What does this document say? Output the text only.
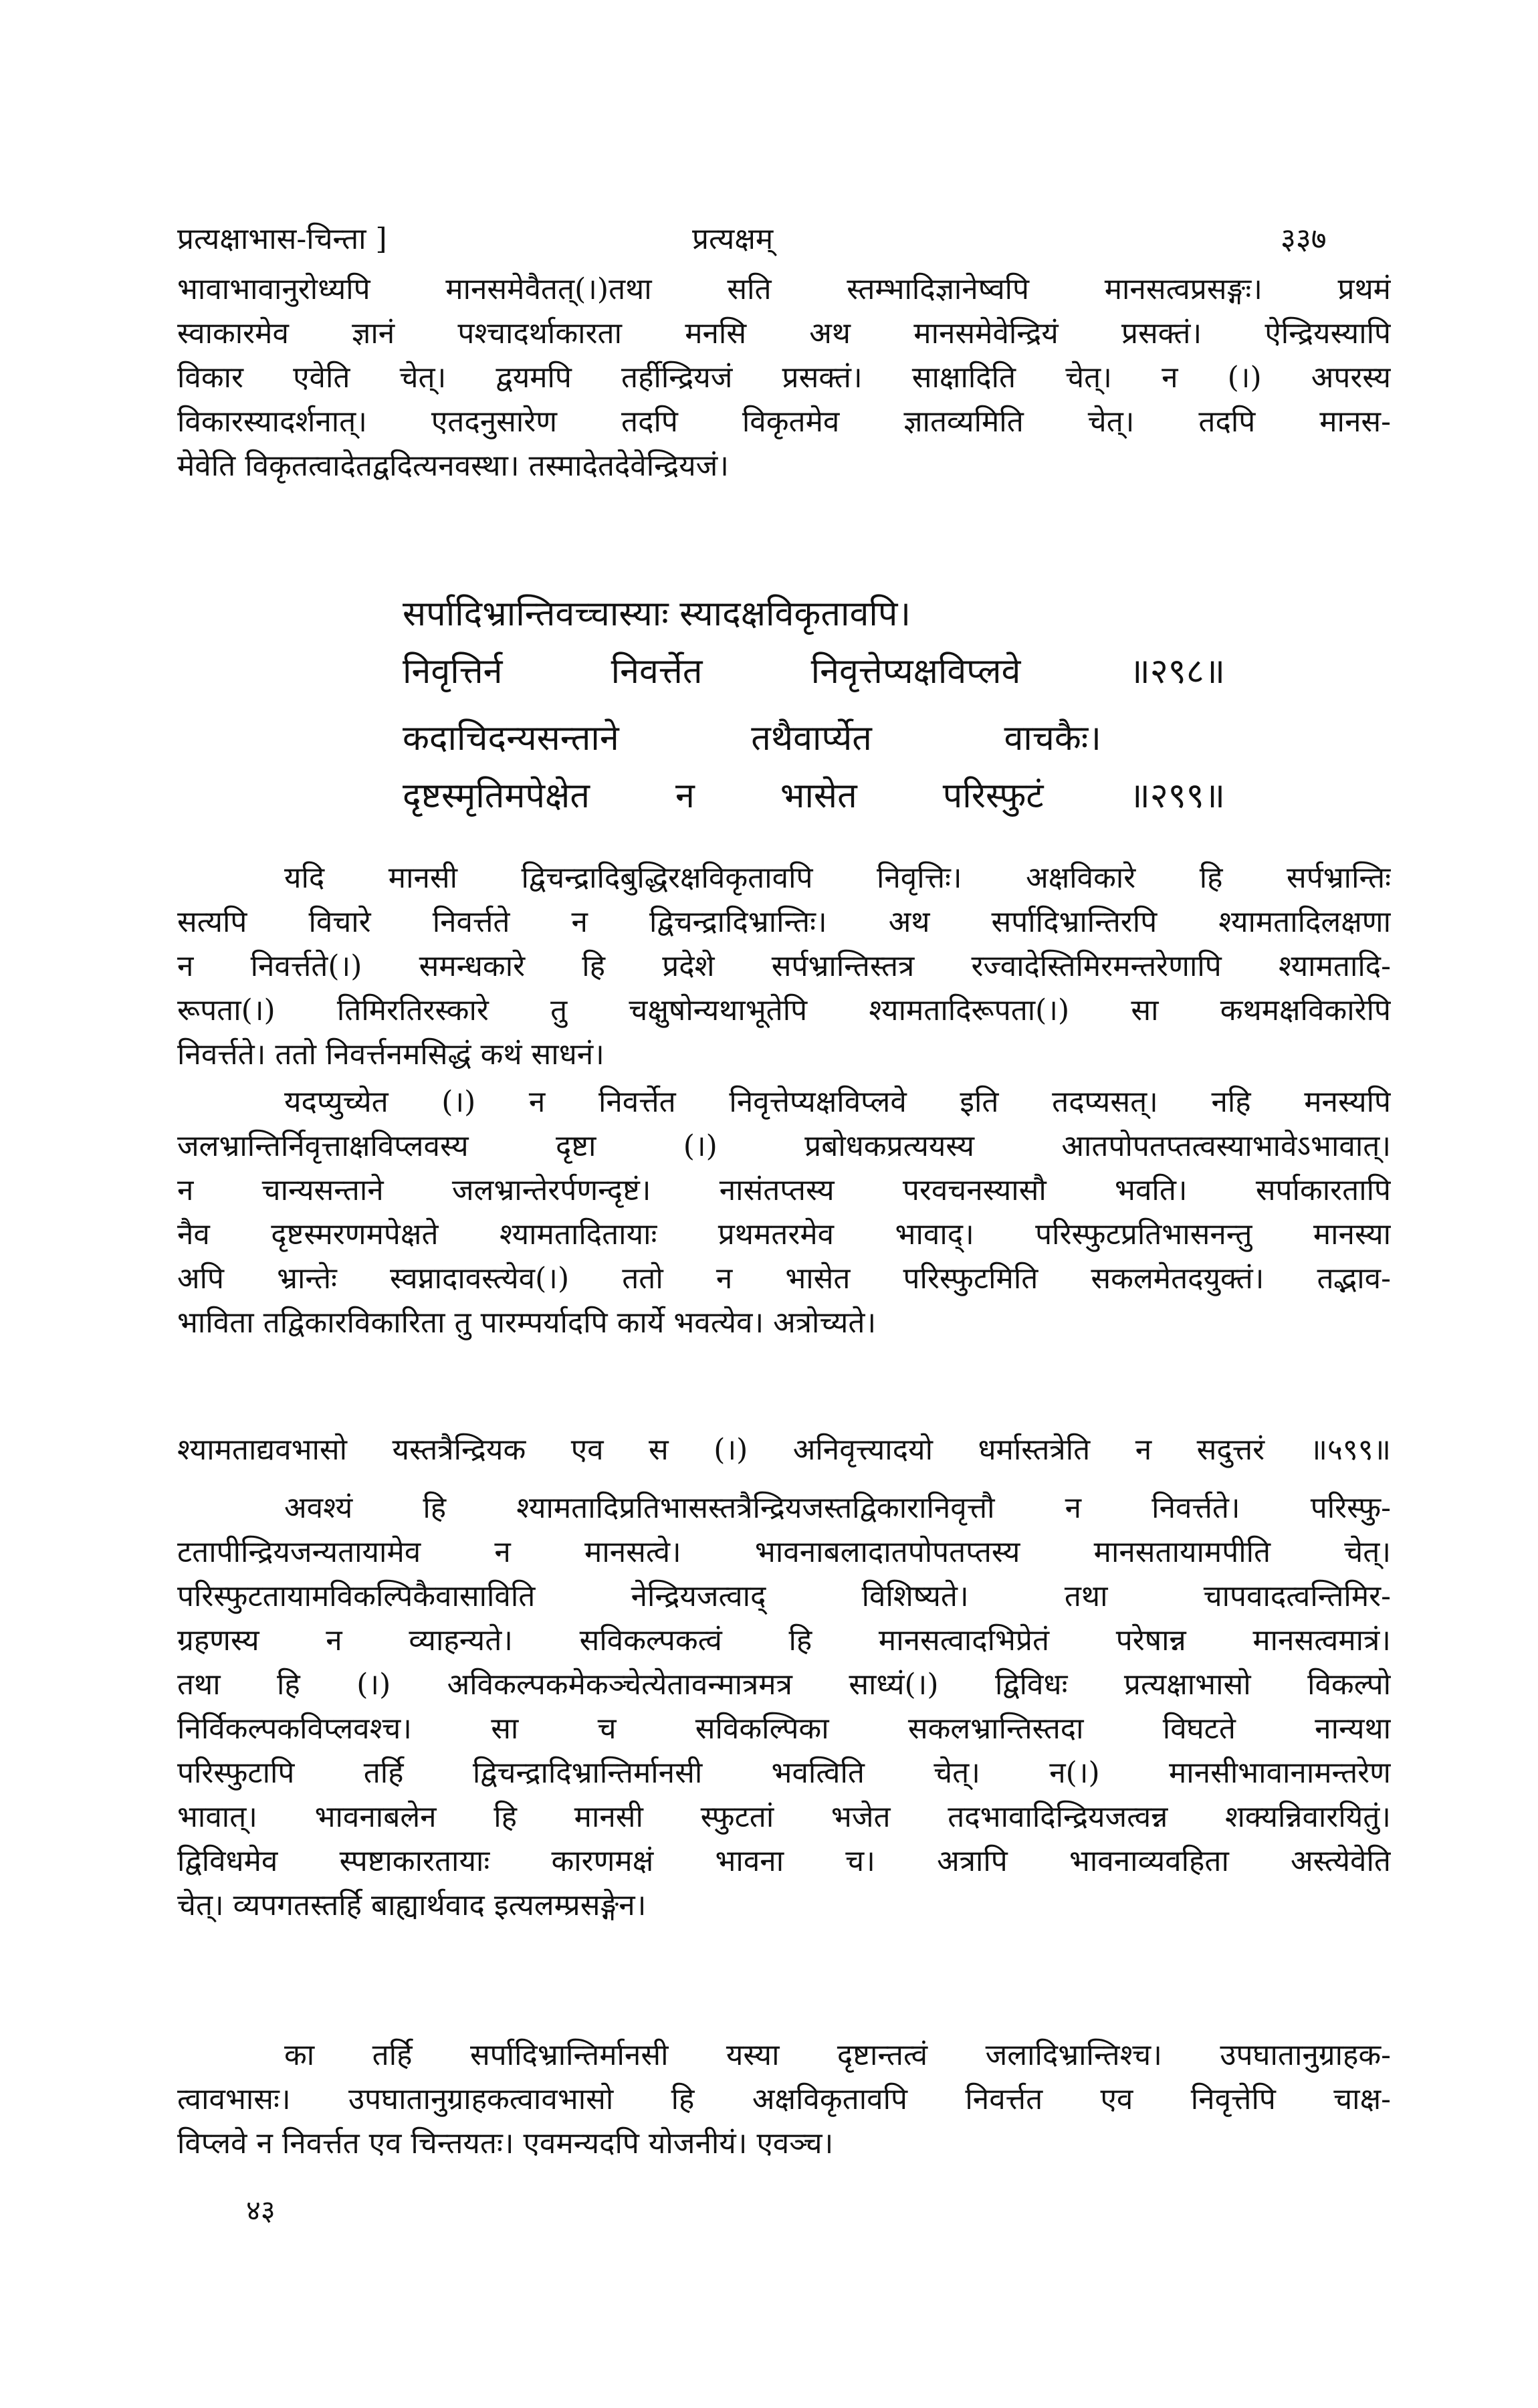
प्रत्यक्षाभास-चिन्ता ]	प्रत्यक्षम्	३३७
भावाभावानुरोध्यपि मानसमेवैतत्(।)तथा सति स्तम्भादिज्ञानेष्वपि मानसत्वप्रसङ्गः। प्रथमं
स्वाकारमेव ज्ञानं पश्चादर्थाकारता मनसि अथ मानसमेवेन्द्रियं प्रसक्तं। ऐन्द्रियस्यापि
विकार एवेति चेत्। द्वयमपि तर्हीन्द्रियजं प्रसक्तं। साक्षादिति चेत्। न (।) अपरस्य
विकारस्यादर्शनात्। एतदनुसारेण तदपि विकृतमेव ज्ञातव्यमिति चेत्। तदपि मानस-
मेवेति विकृतत्वादेतद्वदित्यनवस्था। तस्मादेतदेवेन्द्रियजं।
सर्पादिभ्रान्तिवच्चास्याः स्यादक्षविकृतावपि।
निवृत्तिर्न निवर्त्तेत निवृत्तेप्यक्षविप्लवे ॥२९८॥
कदाचिदन्यसन्ताने तथैवार्प्येत वाचकैः।
दृष्टस्मृतिमपेक्षेत न भासेत परिस्फुटं ॥२९९॥
यदि मानसी द्विचन्द्रादिबुद्धिरक्षविकृतावपि निवृत्तिः। अक्षविकारे हि सर्पभ्रान्तिः
सत्यपि विचारे निवर्त्तते न द्विचन्द्रादिभ्रान्तिः। अथ सर्पादिभ्रान्तिरपि श्यामतादिलक्षणा
न निवर्त्तते(।) समन्धकारे हि प्रदेशे सर्पभ्रान्तिस्तत्र रज्वादेस्तिमिरमन्तरेणापि श्यामतादि-
रूपता(।) तिमिरतिरस्कारे तु चक्षुषोन्यथाभूतेपि श्यामतादिरूपता(।) सा कथमक्षविकारेपि
निवर्त्तते। ततो निवर्त्तनमसिद्धं कथं साधनं।
यदप्युच्येत (।) न निवर्त्तेत निवृत्तेप्यक्षविप्लवे इति तदप्यसत्। नहि मनस्यपि
जलभ्रान्तिर्निवृत्ताक्षविप्लवस्य दृष्टा (।) प्रबोधकप्रत्ययस्य आतपोपतप्तत्वस्याभावेऽभावात्।
न चान्यसन्ताने जलभ्रान्तेरर्पणन्दृष्टं। नासंतप्तस्य परवचनस्यासौ भवति। सर्पाकारतापि
नैव दृष्टस्मरणमपेक्षते श्यामतादितायाः प्रथमतरमेव भावाद्। परिस्फुटप्रतिभासनन्तु मानस्या
अपि भ्रान्तेः स्वप्नादावस्त्येव(।) ततो न भासेत परिस्फुटमिति सकलमेतदयुक्तं। तद्भाव-
भाविता तद्विकारविकारिता तु पारम्पर्यादपि कार्ये भवत्येव। अत्रोच्यते।
श्यामताद्यवभासो यस्तत्रैन्द्रियक एव स (।) अनिवृत्त्यादयो धर्मास्तत्रेति न सदुत्तरं ॥५९९॥
अवश्यं हि श्यामतादिप्रतिभासस्तत्रैन्द्रियजस्तद्विकारानिवृत्तौ न निवर्त्तते। परिस्फु-
टतापीन्द्रियजन्यतायामेव न मानसत्वे। भावनाबलादातपोपतप्तस्य मानसतायामपीति चेत्।
परिस्फुटतायामविकल्पिकैवासाविति नेन्द्रियजत्वाद् विशिष्यते। तथा चापवादत्वन्तिमिर-
ग्रहणस्य न व्याहन्यते। सविकल्पकत्वं हि मानसत्वादभिप्रेतं परेषान्न मानसत्वमात्रं।
तथा हि (।) अविकल्पकमेकञ्चेत्येतावन्मात्रमत्र साध्यं(।) द्विविधः प्रत्यक्षाभासो विकल्पो
निर्विकल्पकविप्लवश्च। सा च सविकल्पिका सकलभ्रान्तिस्तदा विघटते नान्यथा
परिस्फुटापि तर्हि द्विचन्द्रादिभ्रान्तिर्मानसी भवत्विति चेत्। न(।) मानसीभावानामन्तरेण
भावात्। भावनाबलेन हि मानसी स्फुटतां भजेत तदभावादिन्द्रियजत्वन्न शक्यन्निवारयितुं।
द्विविधमेव स्पष्टाकारतायाः कारणमक्षं भावना च। अत्रापि भावनाव्यवहिता अस्त्येवेति
चेत्। व्यपगतस्तर्हि बाह्यार्थवाद इत्यलम्प्रसङ्गेन।
का तर्हि सर्पादिभ्रान्तिर्मानसी यस्या दृष्टान्तत्वं जलादिभ्रान्तिश्च। उपघातानुग्राहक-
त्वावभासः। उपघातानुग्राहकत्वावभासो हि अक्षविकृतावपि निवर्त्तत एव निवृत्तेपि चाक्ष-
विप्लवे न निवर्त्तत एव चिन्तयतः। एवमन्यदपि योजनीयं। एवञ्च।
४३
